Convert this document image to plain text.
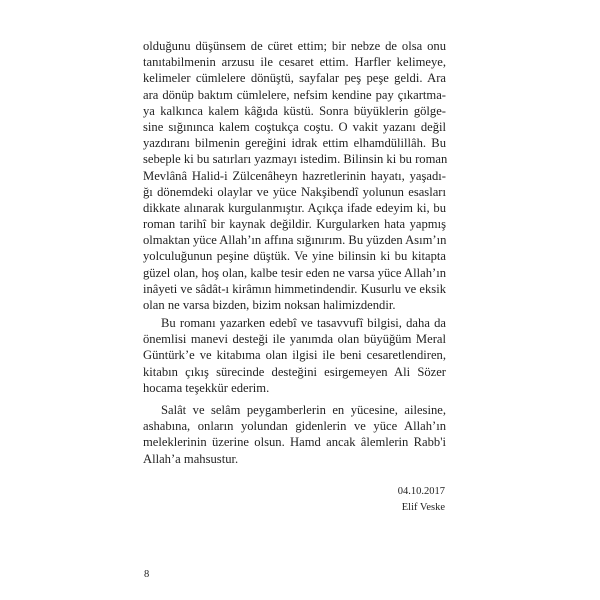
olduğunu düşünsem de cüret ettim; bir nebze de olsa onu
tanıtabilmenin arzusu ile cesaret ettim. Harfler kelimeye,
kelimeler cümlelere dönüştü, sayfalar peş peşe geldi. Ara
ara dönüp baktım cümlelere, nefsim kendine pay çıkartma-
ya kalkınca kalem kâğıda küstü. Sonra büyüklerin gölge-
sine sığınınca kalem coştukça coştu. O vakit yazanı değil
yazdıranı bilmenin gereğini idrak ettim elhamdülillâh. Bu
sebeple ki bu satırları yazmayı istedim. Bilinsin ki bu roman
Mevlânâ Halid-i Zülcenâheyn hazretlerinin hayatı, yaşadı-
ğı dönemdeki olaylar ve yüce Nakşibendî yolunun esasları
dikkate alınarak kurgulanmıştır. Açıkça ifade edeyim ki, bu
roman tarihî bir kaynak değildir. Kurgularken hata yapmış
olmaktan yüce Allah’ın affına sığınırım. Bu yüzden Asım’ın
yolculuğunun peşine düştük. Ve yine bilinsin ki bu kitapta
güzel olan, hoş olan, kalbe tesir eden ne varsa yüce Allah’ın
inâyeti ve sâdât-ı kirâmın himmetindendir. Kusurlu ve eksik
olan ne varsa bizden, bizim noksan halimizdendir.
Bu romanı yazarken edebî ve tasavvufî bilgisi, daha da
önemlisi manevi desteği ile yanımda olan büyüğüm Meral
Güntürk’e ve kitabıma olan ilgisi ile beni cesaretlendiren,
kitabın çıkış sürecinde desteğini esirgemeyen Ali Sözer
hocama teşekkür ederim.
Salât ve selâm peygamberlerin en yücesine, ailesine,
ashabına, onların yolundan gidenlerin ve yüce Allah’ın
meleklerinin üzerine olsun. Hamd ancak âlemlerin Rabb'i
Allah’a mahsustur.
04.10.2017
Elif Veske
8
